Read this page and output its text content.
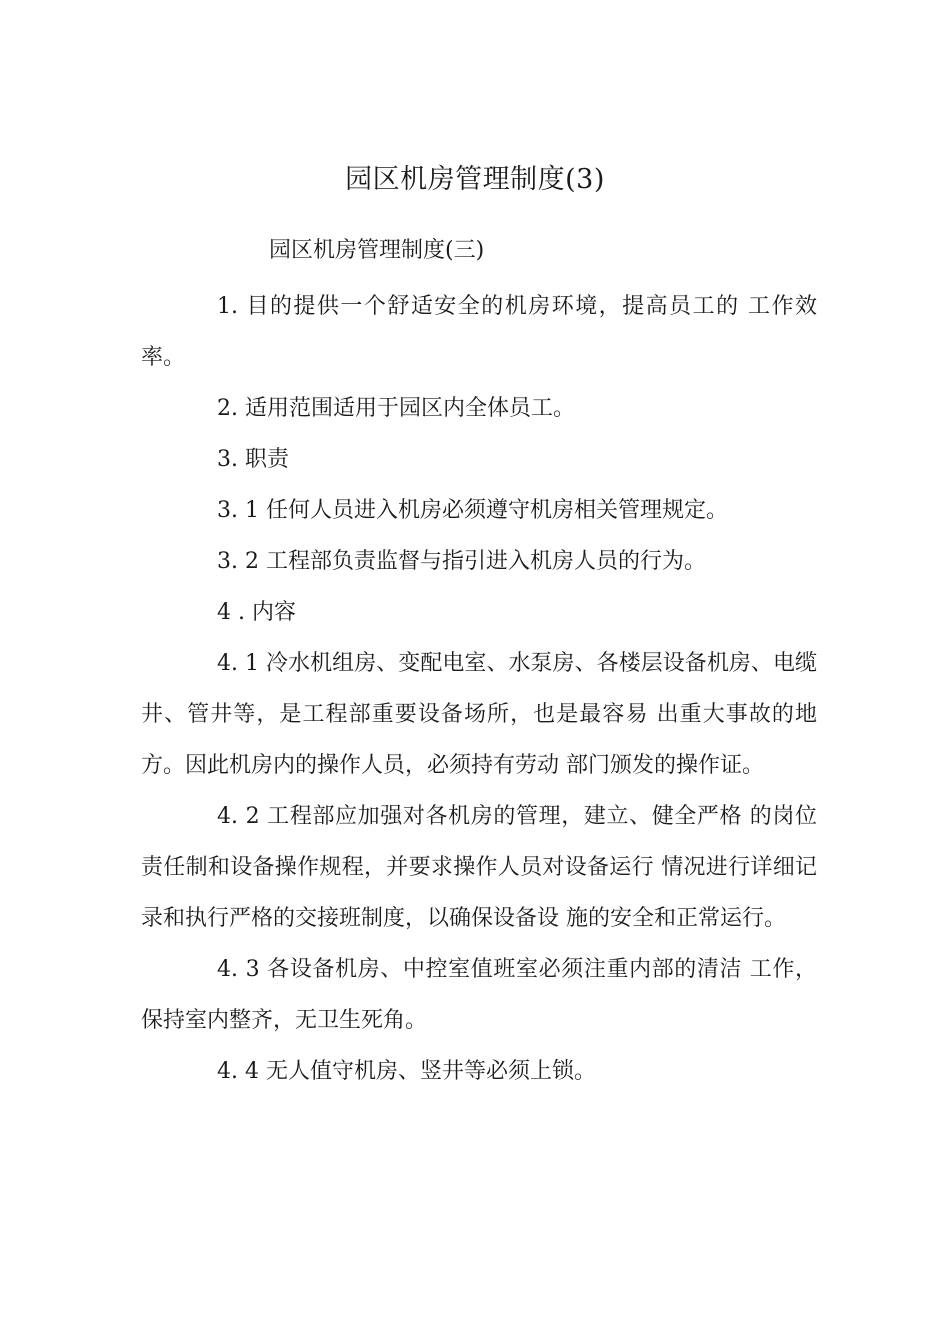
园区机房管理制度(3)
园区机房管理制度(三)

1. 目的提供一个舒适安全的机房环境，提高员工的 工作效率。

2. 适用范围适用于园区内全体员工。

3. 职责

3. 1 任何人员进入机房必须遵守机房相关管理规定。

3. 2 工程部负责监督与指引进入机房人员的行为。

4 . 内容

4. 1 冷水机组房、变配电室、水泵房、各楼层设备机房、电缆井、管井等，是工程部重要设备场所，也是最容易 出重大事故的地方。因此机房内的操作人员，必须持有劳动 部门颁发的操作证。

4. 2 工程部应加强对各机房的管理，建立、健全严格 的岗位责任制和设备操作规程，并要求操作人员对设备运行 情况进行详细记录和执行严格的交接班制度，以确保设备设 施的安全和正常运行。

4. 3 各设备机房、中控室值班室必须注重内部的清洁 工作，保持室内整齐，无卫生死角。

4. 4 无人值守机房、竖井等必须上锁。
